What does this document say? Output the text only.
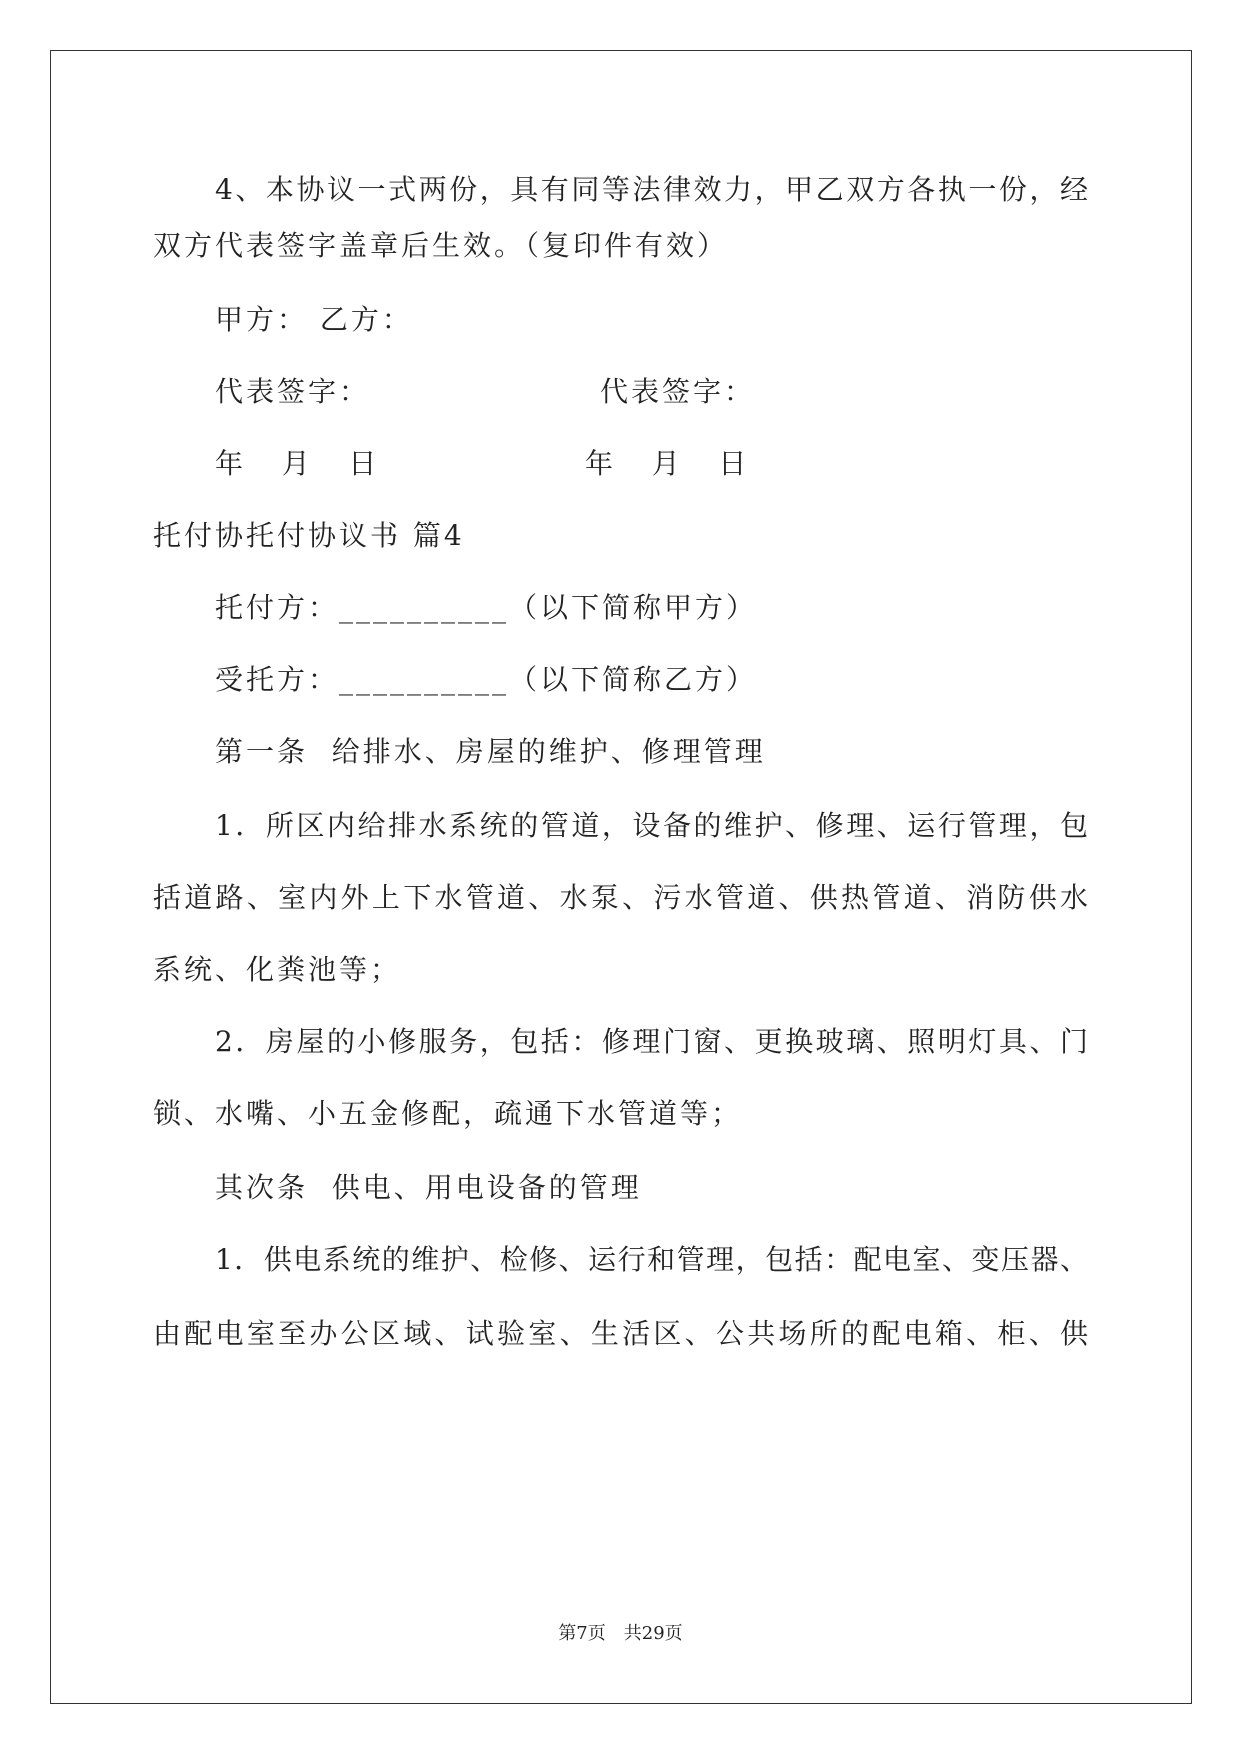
4、本协议一式两份，具有同等法律效力，甲乙双方各执一份，经
双方代表签字盖章后生效。（复印件有效）
甲方： 乙方：
代表签字：	代表签字：
年   月   日	年   月   日
托付协托付协议书 篇4
托付方：__________（以下简称甲方）
受托方：__________（以下简称乙方）
第一条  给排水、房屋的维护、修理管理
1．所区内给排水系统的管道，设备的维护、修理、运行管理，包
括道路、室内外上下水管道、水泵、污水管道、供热管道、消防供水
系统、化粪池等；
2．房屋的小修服务，包括：修理门窗、更换玻璃、照明灯具、门
锁、水嘴、小五金修配，疏通下水管道等；
其次条  供电、用电设备的管理
1．供电系统的维护、检修、运行和管理，包括：配电室、变压器、
由配电室至办公区域、试验室、生活区、公共场所的配电箱、柜、供
第7页 共29页
